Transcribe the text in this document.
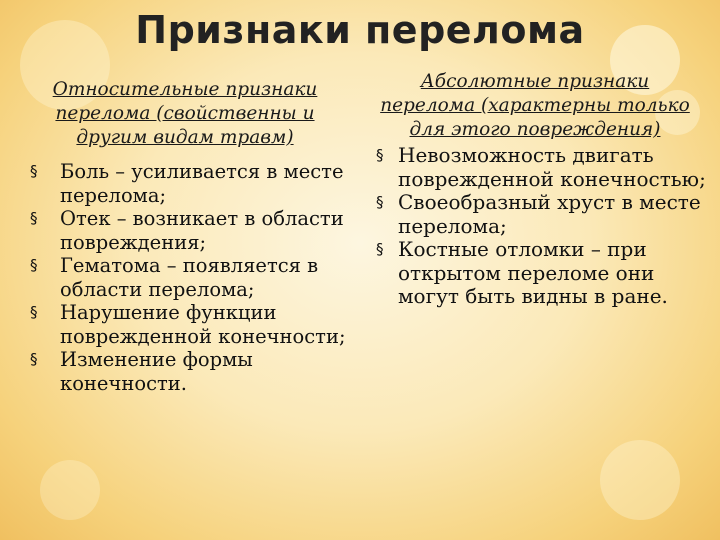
Признаки перелома
Относительные признаки перелома (свойственны и другим видам травм)
§ Боль – усиливается в месте перелома;
§ Отек – возникает в области повреждения;
§ Гематома – появляется в области перелома;
§ Нарушение функции поврежденной конечности;
§ Изменение формы конечности.
Абсолютные признаки перелома (характерны только для этого повреждения)
§ Невозможность двигать поврежденной конечностью;
§ Своеобразный хруст в месте перелома;
§ Костные отломки – при открытом переломе они могут быть видны в ране.
